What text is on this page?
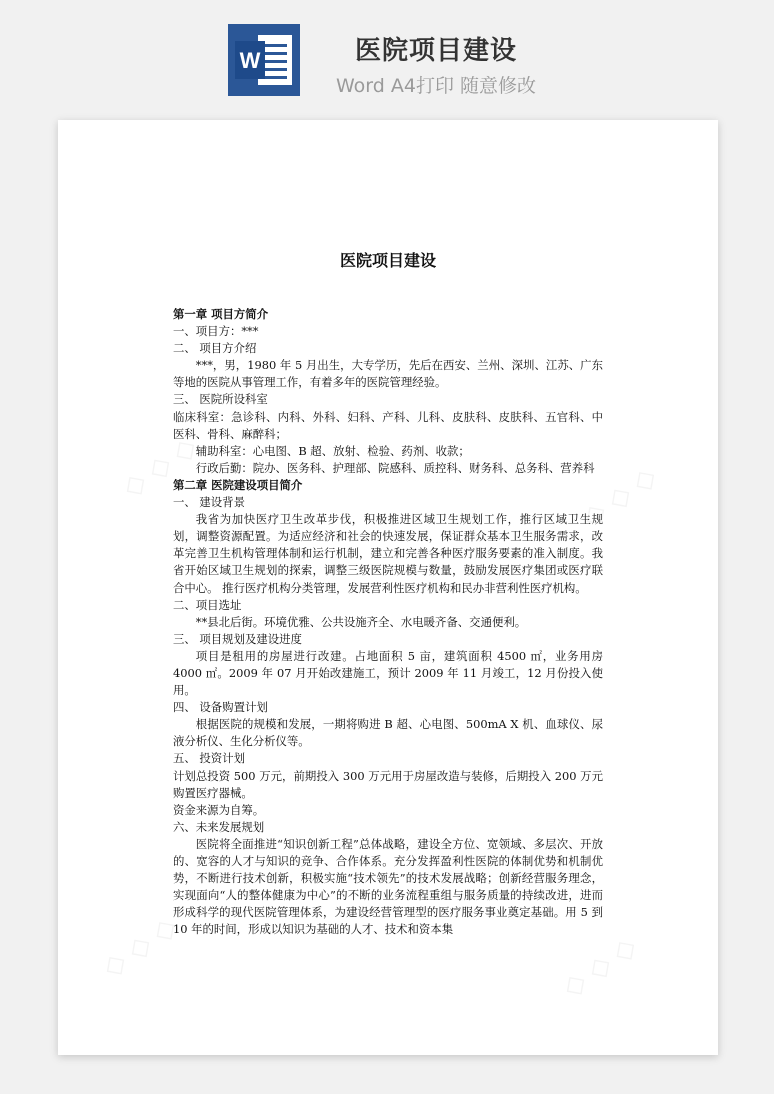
W	医院项目建设
Word A4打印 随意修改
医院项目建设

第一章 项目方简介

一、项目方：***

二、 项目方介绍

***，男，1980 年 5 月出生，大专学历，先后在西安、兰州、深圳、江苏、广东等地的医院从事管理工作，有着多年的医院管理经验。

三、 医院所设科室

临床科室：急诊科、内科、外科、妇科、产科、儿科、皮肤科、皮肤科、五官科、中医科、骨科、麻醉科；

辅助科室：心电图、B 超、放射、检验、药剂、收款；

行政后勤：院办、医务科、护理部、院感科、质控科、财务科、总务科、营养科

第二章 医院建设项目简介

一、 建设背景

我省为加快医疗卫生改革步伐，积极推进区域卫生规划工作，推行区域卫生规划，调整资源配置。为适应经济和社会的快速发展，保证群众基本卫生服务需求，改革完善卫生机构管理体制和运行机制，建立和完善各种医疗服务要素的准入制度。我省开始区域卫生规划的探索，调整三级医院规模与数量，鼓励发展医疗集团或医疗联合中心。 推行医疗机构分类管理，发展营利性医疗机构和民办非营利性医疗机构。

二、项目选址

**县北后街。环境优雅、公共设施齐全、水电暖齐备、交通便利。

三、 项目规划及建设进度

项目是租用的房屋进行改建。占地面积 5 亩，建筑面积 4500 ㎡，业务用房 4000 ㎡。2009 年 07 月开始改建施工，预计 2009 年 11 月竣工，12 月份投入使用。

四、 设备购置计划

根据医院的规模和发展，一期将购进 B 超、心电图、500mA X 机、血球仪、尿液分析仪、生化分析仪等。

五、 投资计划

计划总投资 500 万元，前期投入 300 万元用于房屋改造与装修，后期投入 200 万元购置医疗器械。

资金来源为自筹。

六、未来发展规划

医院将全面推进“知识创新工程”总体战略，建设全方位、宽领域、多层次、开放的、宽容的人才与知识的竞争、合作体系。充分发挥盈利性医院的体制优势和机制优势，不断进行技术创新，积极实施“技术领先”的技术发展战略；创新经营服务理念，实现面向“人的整体健康为中心”的不断的业务流程重组与服务质量的持续改进，进而形成科学的现代医院管理体系，为建设经营管理型的医疗服务事业奠定基础。用 5 到 10 年的时间，形成以知识为基础的人才、技术和资本集
